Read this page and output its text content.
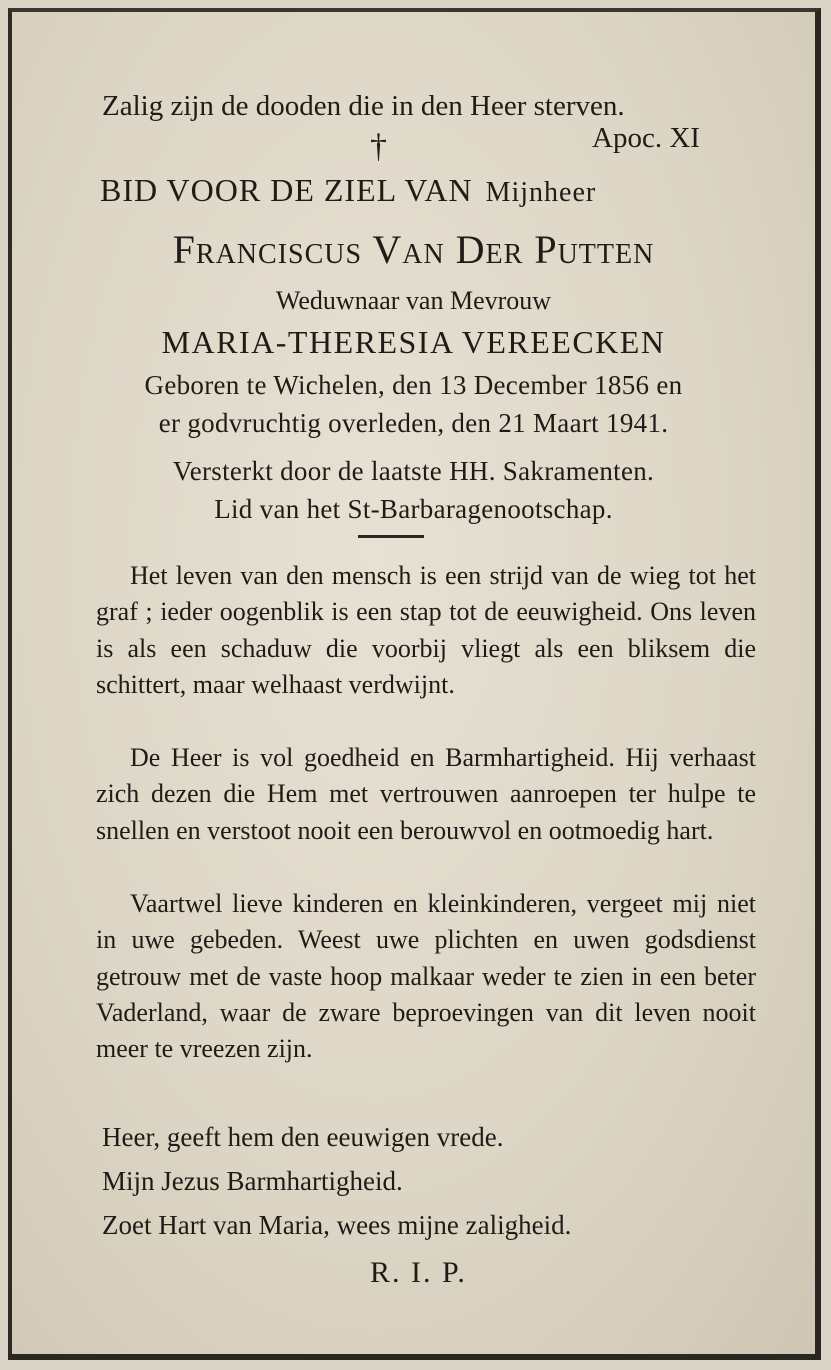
Zalig zijn de dooden die in den Heer sterven.
†	Apoc. XI
BID VOOR DE ZIEL VAN Mijnheer
Franciscus Van Der Putten
Weduwnaar van Mevrouw
MARIA-THERESIA VEREECKEN
Geboren te Wichelen, den 13 December 1856 en
er godvruchtig overleden, den 21 Maart 1941.
Versterkt door de laatste HH. Sakramenten.
Lid van het St-Barbaragenootschap.
Het leven van den mensch is een strijd van de wieg tot het graf ; ieder oogenblik is een stap tot de eeuwigheid. Ons leven is als een schaduw die voorbij vliegt als een bliksem die schittert, maar welhaast verdwijnt.
De Heer is vol goedheid en Barmhartigheid. Hij verhaast zich dezen die Hem met vertrouwen aanroepen ter hulpe te snellen en verstoot nooit een berouwvol en ootmoedig hart.
Vaartwel lieve kinderen en kleinkinderen, vergeet mij niet in uwe gebeden. Weest uwe plichten en uwen godsdienst getrouw met de vaste hoop malkaar weder te zien in een beter Vaderland, waar de zware beproevingen van dit leven nooit meer te vreezen zijn.
Heer, geeft hem den eeuwigen vrede.
Mijn Jezus Barmhartigheid.
Zoet Hart van Maria, wees mijne zaligheid.
R. I. P.
